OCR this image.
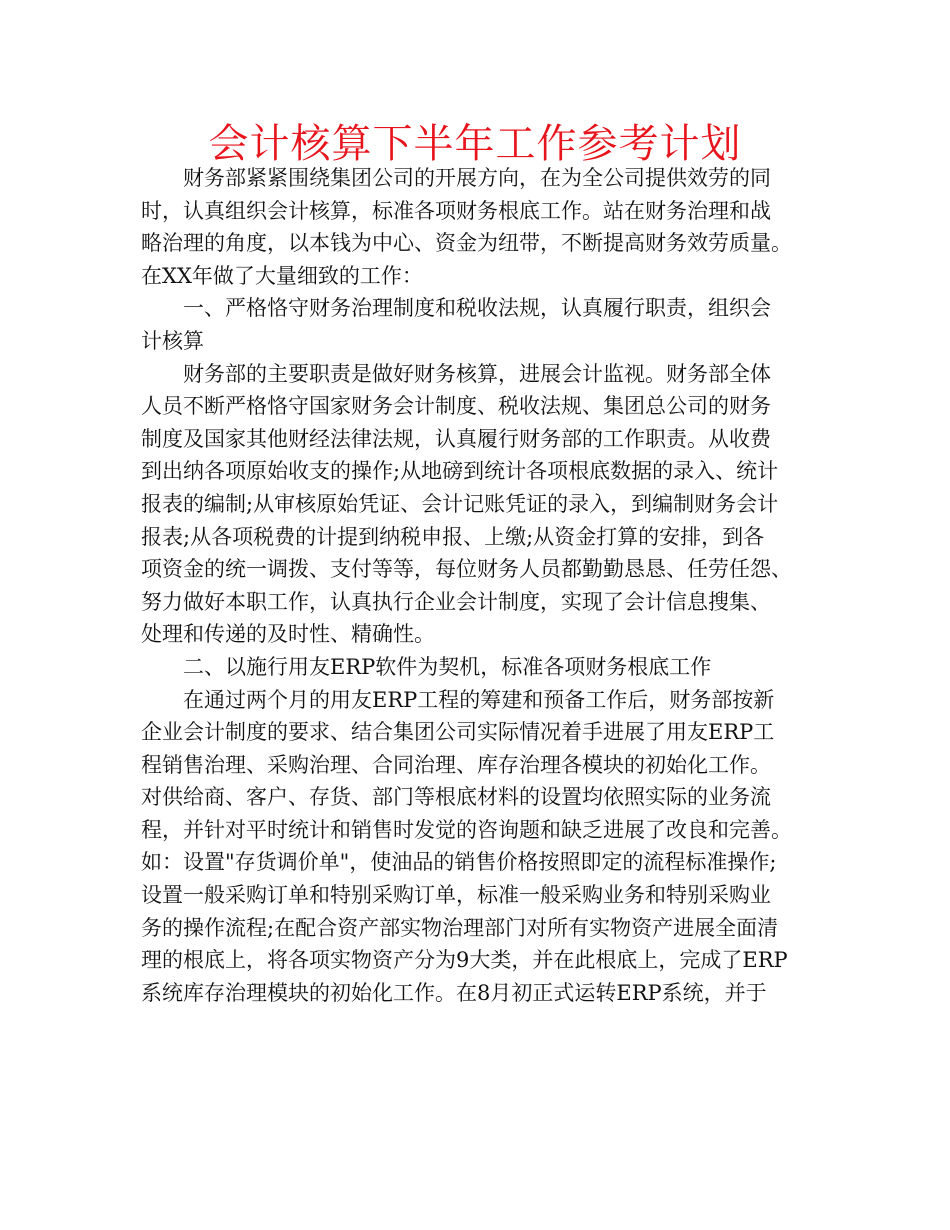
会计核算下半年工作参考计划
财务部紧紧围绕集团公司的开展方向，在为全公司提供效劳的同
时，认真组织会计核算，标准各项财务根底工作。站在财务治理和战
略治理的角度，以本钱为中心、资金为纽带，不断提高财务效劳质量。
在XX年做了大量细致的工作：
一、严格恪守财务治理制度和税收法规，认真履行职责，组织会
计核算
财务部的主要职责是做好财务核算，进展会计监视。财务部全体
人员不断严格恪守国家财务会计制度、税收法规、集团总公司的财务
制度及国家其他财经法律法规，认真履行财务部的工作职责。从收费
到出纳各项原始收支的操作;从地磅到统计各项根底数据的录入、统计
报表的编制;从审核原始凭证、会计记账凭证的录入，到编制财务会计
报表;从各项税费的计提到纳税申报、上缴;从资金打算的安排，到各
项资金的统一调拨、支付等等，每位财务人员都勤勤恳恳、任劳任怨、
努力做好本职工作，认真执行企业会计制度，实现了会计信息搜集、
处理和传递的及时性、精确性。
二、以施行用友ERP软件为契机，标准各项财务根底工作
在通过两个月的用友ERP工程的筹建和预备工作后，财务部按新
企业会计制度的要求、结合集团公司实际情况着手进展了用友ERP工
程销售治理、采购治理、合同治理、库存治理各模块的初始化工作。
对供给商、客户、存货、部门等根底材料的设置均依照实际的业务流
程，并针对平时统计和销售时发觉的咨询题和缺乏进展了改良和完善。
如：设置"存货调价单"，使油品的销售价格按照即定的流程标准操作;
设置一般采购订单和特别采购订单，标准一般采购业务和特别采购业
务的操作流程;在配合资产部实物治理部门对所有实物资产进展全面清
理的根底上，将各项实物资产分为9大类，并在此根底上，完成了ERP
系统库存治理模块的初始化工作。在8月初正式运转ERP系统，并于
